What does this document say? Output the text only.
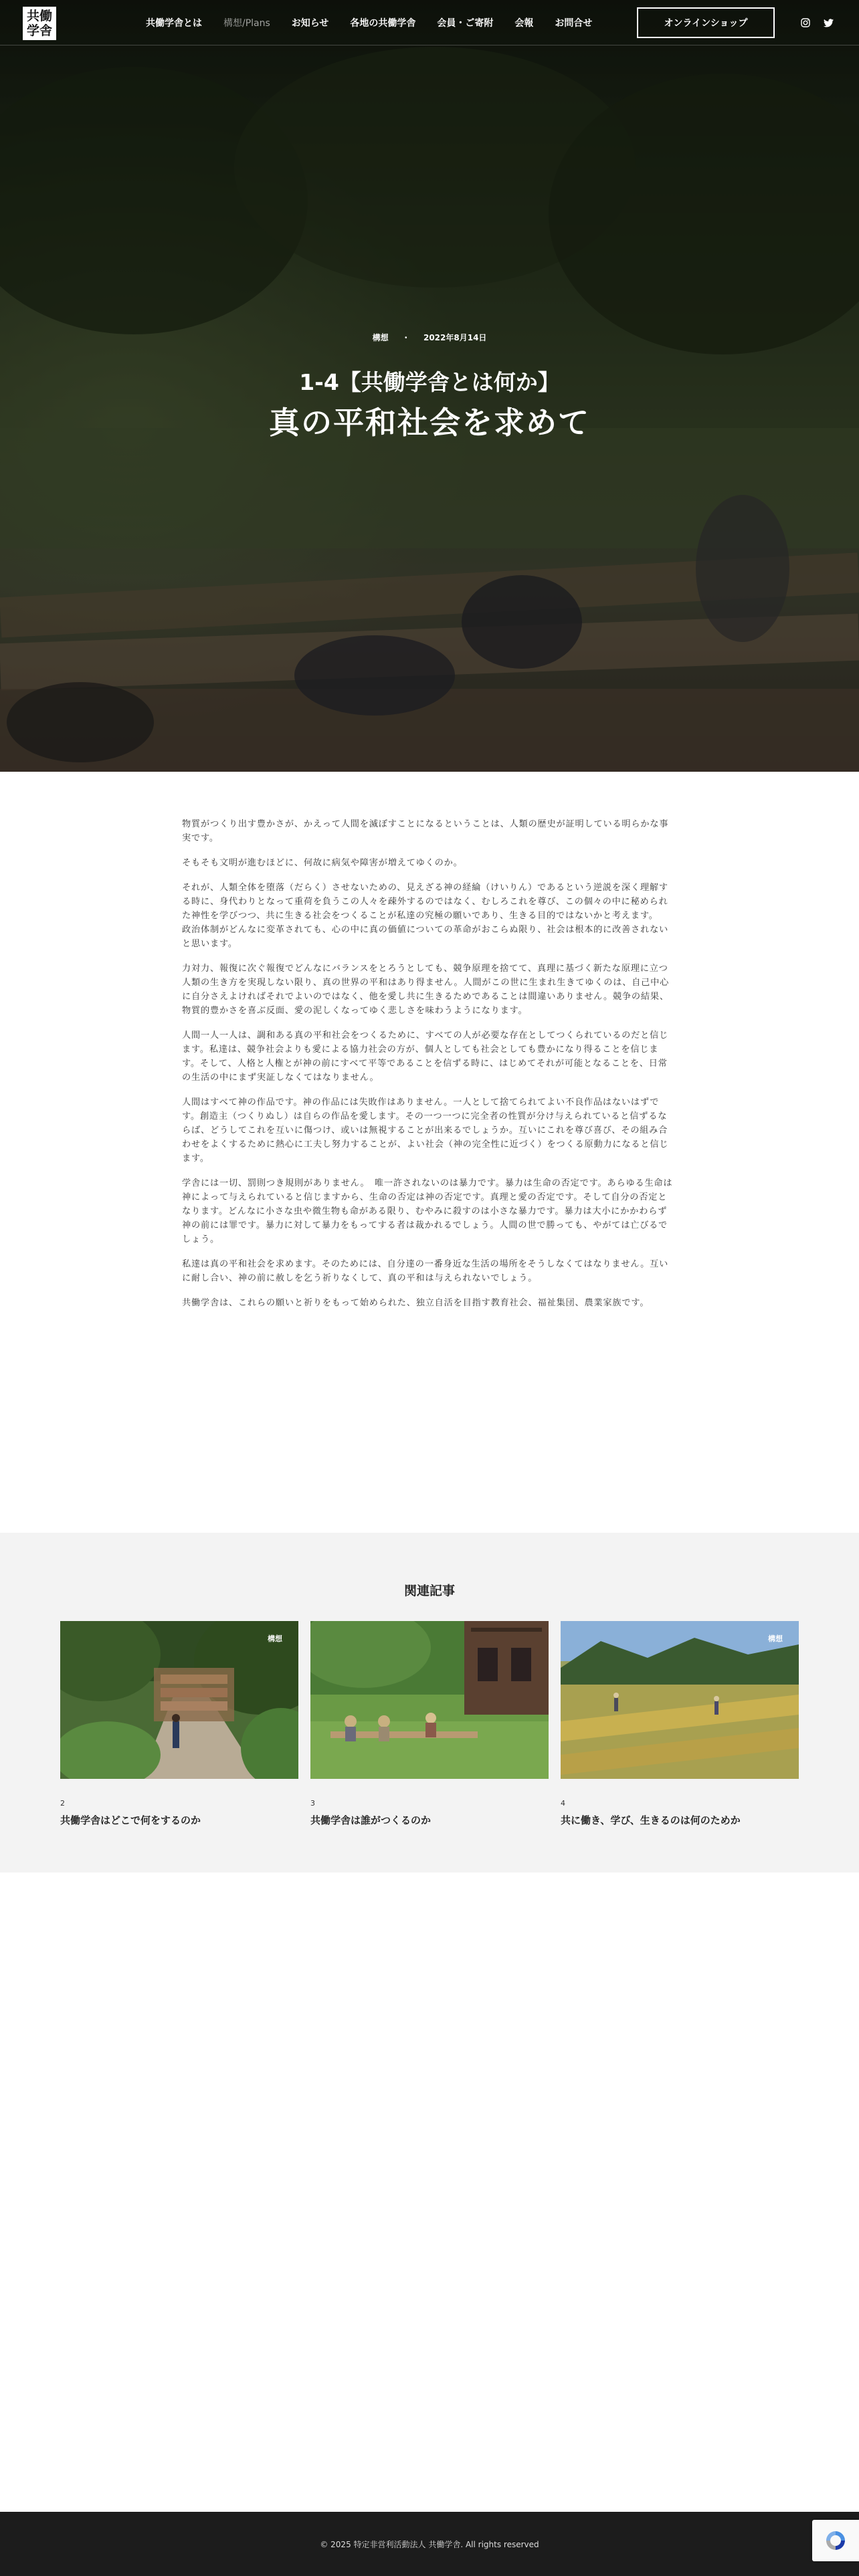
構想 ・ 2022年8月14日
1-4【共働学舎とは何か】
真の平和社会を求めて
共働
学舎	共働学舎とは 構想/Plans お知らせ 各地の共働学舎 会員・ご寄附 会報 お問合せ	オンラインショップ

物質がつくり出す豊かさが、かえって人間を滅ぼすことになるということは、人類の歴史が証明している明らかな事実です。

そもそも文明が進むほどに、何故に病気や障害が増えてゆくのか。

それが、人類全体を堕落（だらく）させないための、見えざる神の経綸（けいりん）であるという逆説を深く理解する時に、身代わりとなって重荷を負うこの人々を疎外するのではなく、むしろこれを尊び、この個々の中に秘められた神性を学びつつ、共に生きる社会をつくることが私達の究極の願いであり、生きる目的ではないかと考えます。

政治体制がどんなに変革されても、心の中に真の価値についての革命がおこらぬ限り、社会は根本的に改善されないと思います。

力対力、報復に次ぐ報復でどんなにバランスをとろうとしても、競争原理を捨てて、真理に基づく新たな原理に立つ人類の生き方を実現しない限り、真の世界の平和はあり得ません。人間がこの世に生まれ生きてゆくのは、自己中心に自分さえよければそれでよいのではなく、他を愛し共に生きるためであることは間違いありません。競争の結果、物質的豊かさを喜ぶ反面、愛の泥しくなってゆく悲しさを味わうようになります。

人間一人一人は、調和ある真の平和社会をつくるために、すべての人が必要な存在としてつくられているのだと信じます。私達は、競争社会よりも愛による協力社会の方が、個人としても社会としても豊かになり得ることを信じます。そして、人格と人権とが神の前にすべて平等であることを信ずる時に、はじめてそれが可能となることを、日常の生活の中にまず実証しなくてはなりません。

人間はすべて神の作品です。神の作品には失敗作はありません。一人として捨てられてよい不良作品はないはずです。創造主（つくりぬし）は自らの作品を愛します。その一つ一つに完全者の性質が分け与えられていると信ずるならば、どうしてこれを互いに傷つけ、或いは無視することが出来るでしょうか。互いにこれを尊び喜び、その組み合わせをよくするために熱心に工夫し努力することが、よい社会（神の完全性に近づく）をつくる原動力になると信じます。

学舎には一切、罰則つき規則がありません。　唯一許されないのは暴力です。暴力は生命の否定です。あらゆる生命は神によって与えられていると信じますから、生命の否定は神の否定です。真理と愛の否定です。そして自分の否定となります。どんなに小さな虫や微生物も命がある限り、むやみに殺すのは小さな暴力です。暴力は大小にかかわらず神の前には罪です。暴力に対して暴力をもってする者は裁かれるでしょう。人間の世で勝っても、やがては亡びるでしょう。

私達は真の平和社会を求めます。そのためには、自分達の一番身近な生活の場所をそうしなくてはなりません。互いに耐し合い、神の前に赦しを乞う祈りなくして、真の平和は与えられないでしょう。

共働学舎は、これらの願いと祈りをもって始められた、独立自活を目指す教育社会、福祉集団、農業家族です。

関連記事
構想
2
共働学舎はどこで何をするのか
3
共働学舎は誰がつくるのか
構想
4
共に働き、学び、生きるのは何のためか
© 2025 特定非営利活動法人 共働学舎. All rights reserved
